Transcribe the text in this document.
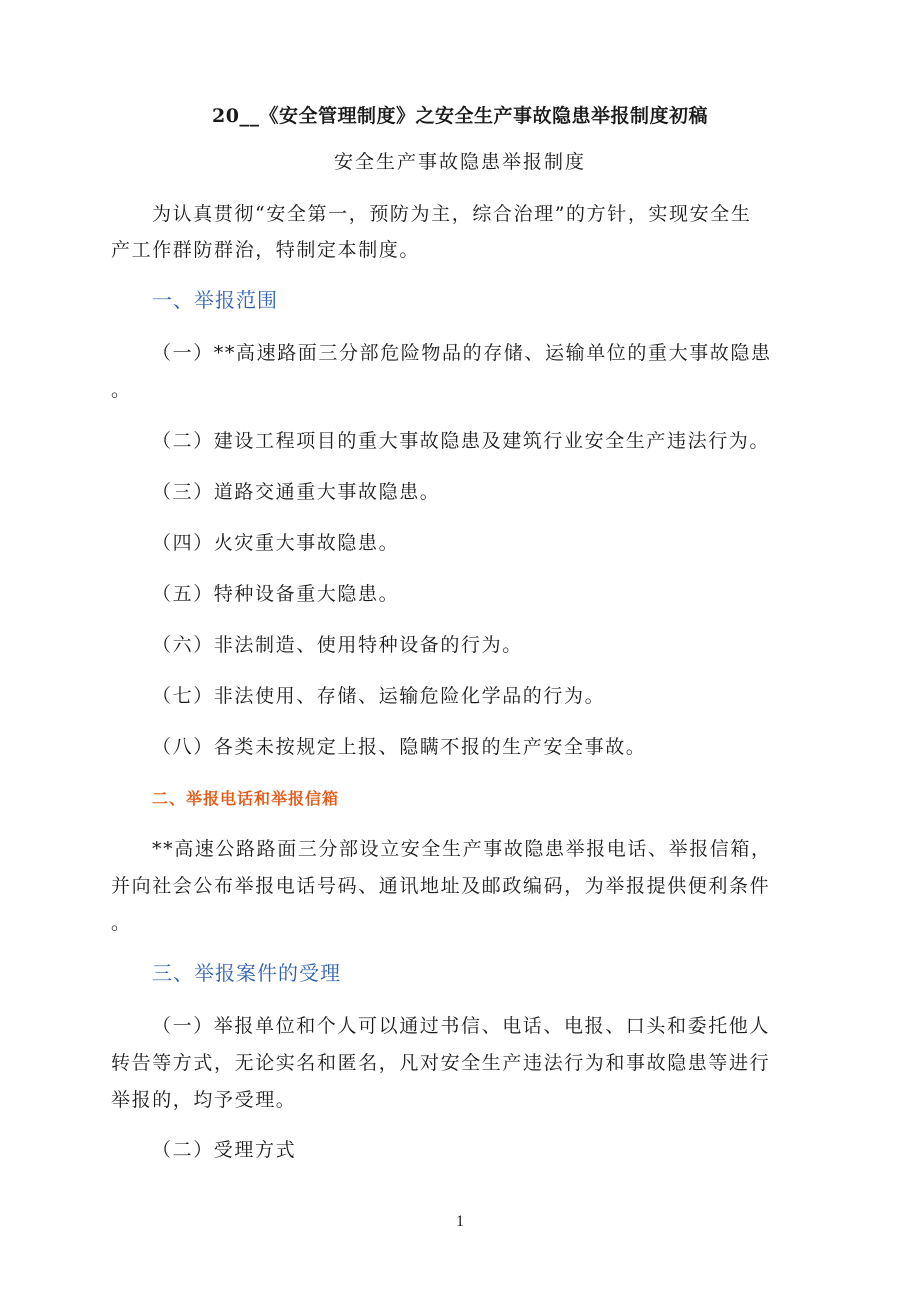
20__《安全管理制度》之安全生产事故隐患举报制度初稿
安全生产事故隐患举报制度
为认真贯彻“安全第一，预防为主，综合治理”的方针，实现安全生
产工作群防群治，特制定本制度。
一、举报范围
（一）**高速路面三分部危险物品的存储、运输单位的重大事故隐患
。
（二）建设工程项目的重大事故隐患及建筑行业安全生产违法行为。
（三）道路交通重大事故隐患。
（四）火灾重大事故隐患。
（五）特种设备重大隐患。
（六）非法制造、使用特种设备的行为。
（七）非法使用、存储、运输危险化学品的行为。
（八）各类未按规定上报、隐瞒不报的生产安全事故。
二、举报电话和举报信箱
**高速公路路面三分部设立安全生产事故隐患举报电话、举报信箱，
并向社会公布举报电话号码、通讯地址及邮政编码，为举报提供便利条件
。
三、举报案件的受理
（一）举报单位和个人可以通过书信、电话、电报、口头和委托他人
转告等方式，无论实名和匿名，凡对安全生产违法行为和事故隐患等进行
举报的，均予受理。
（二）受理方式
1
